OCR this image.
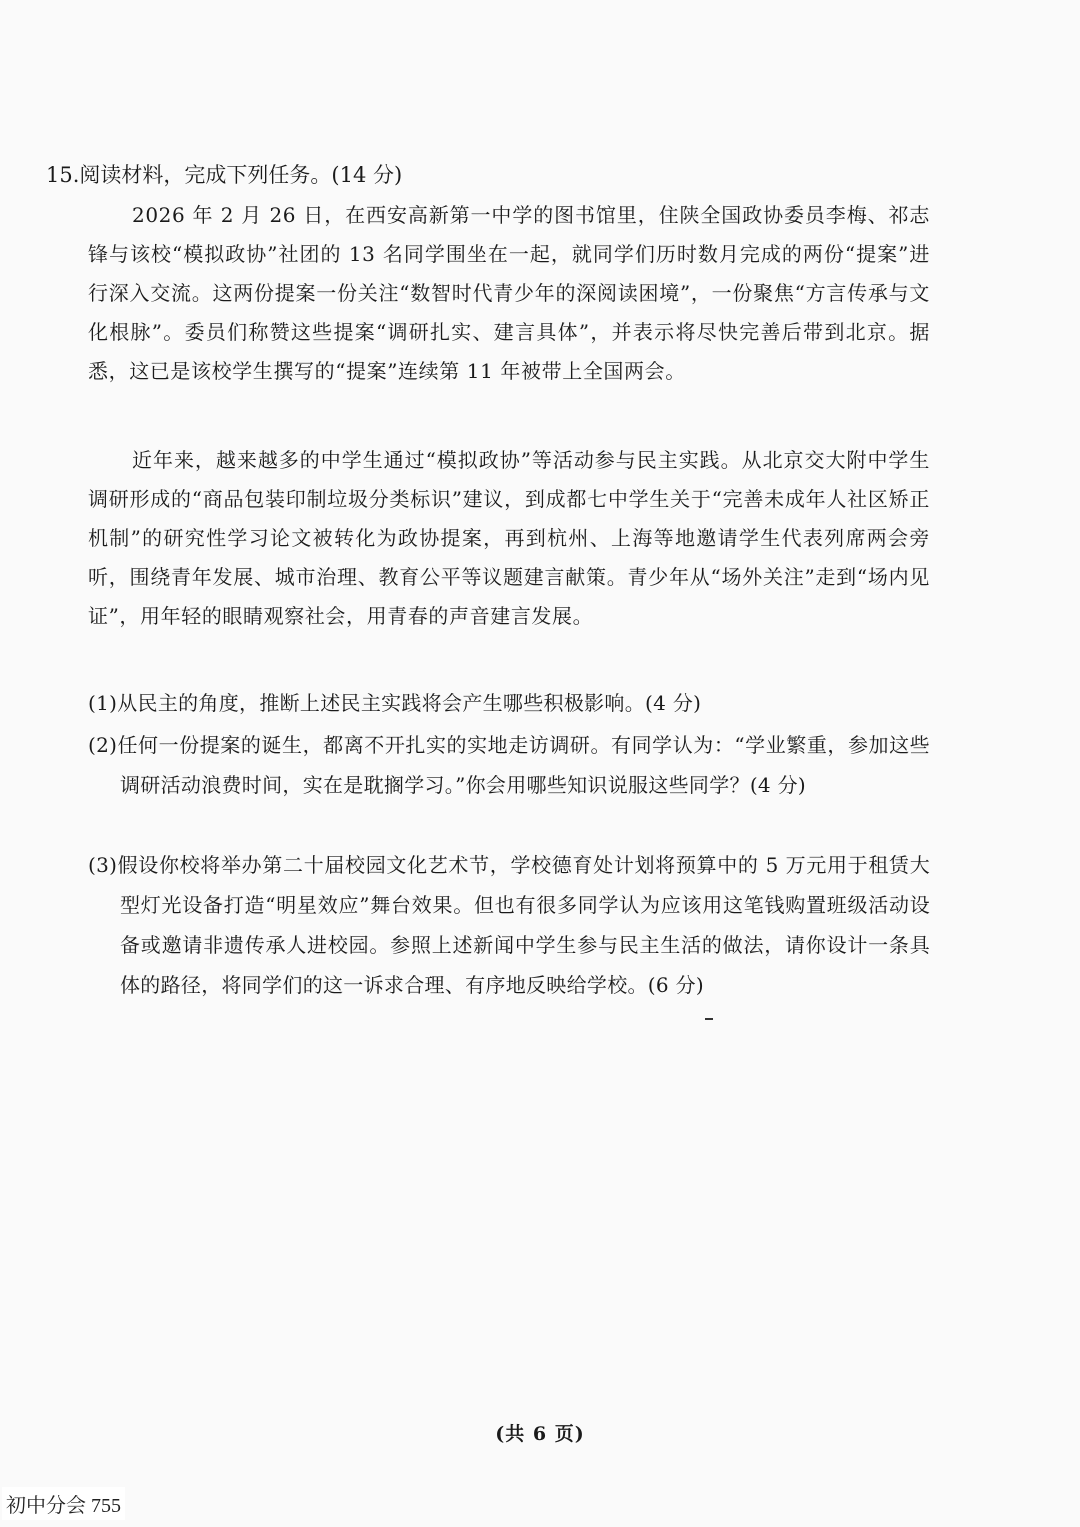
15.阅读材料，完成下列任务。(14 分)
2026 年 2 月 26 日，在西安高新第一中学的图书馆里，住陕全国政协委员李梅、祁志锋与该校“模拟政协”社团的 13 名同学围坐在一起，就同学们历时数月完成的两份“提案”进行深入交流。这两份提案一份关注“数智时代青少年的深阅读困境”，一份聚焦“方言传承与文化根脉”。委员们称赞这些提案“调研扎实、建言具体”，并表示将尽快完善后带到北京。据悉，这已是该校学生撰写的“提案”连续第 11 年被带上全国两会。
近年来，越来越多的中学生通过“模拟政协”等活动参与民主实践。从北京交大附中学生调研形成的“商品包装印制垃圾分类标识”建议，到成都七中学生关于“完善未成年人社区矫正机制”的研究性学习论文被转化为政协提案，再到杭州、上海等地邀请学生代表列席两会旁听，围绕青年发展、城市治理、教育公平等议题建言献策。青少年从“场外关注”走到“场内见证”，用年轻的眼睛观察社会，用青春的声音建言发展。
(1)从民主的角度，推断上述民主实践将会产生哪些积极影响。(4 分)
(2)任何一份提案的诞生，都离不开扎实的实地走访调研。有同学认为：“学业繁重，参加这些调研活动浪费时间，实在是耽搁学习。”你会用哪些知识说服这些同学？(4 分)
(3)假设你校将举办第二十届校园文化艺术节，学校德育处计划将预算中的 5 万元用于租赁大型灯光设备打造“明星效应”舞台效果。但也有很多同学认为应该用这笔钱购置班级活动设备或邀请非遗传承人进校园。参照上述新闻中学生参与民主生活的做法，请你设计一条具体的路径，将同学们的这一诉求合理、有序地反映给学校。(6 分)
(共 6 页)
初中分会 755
